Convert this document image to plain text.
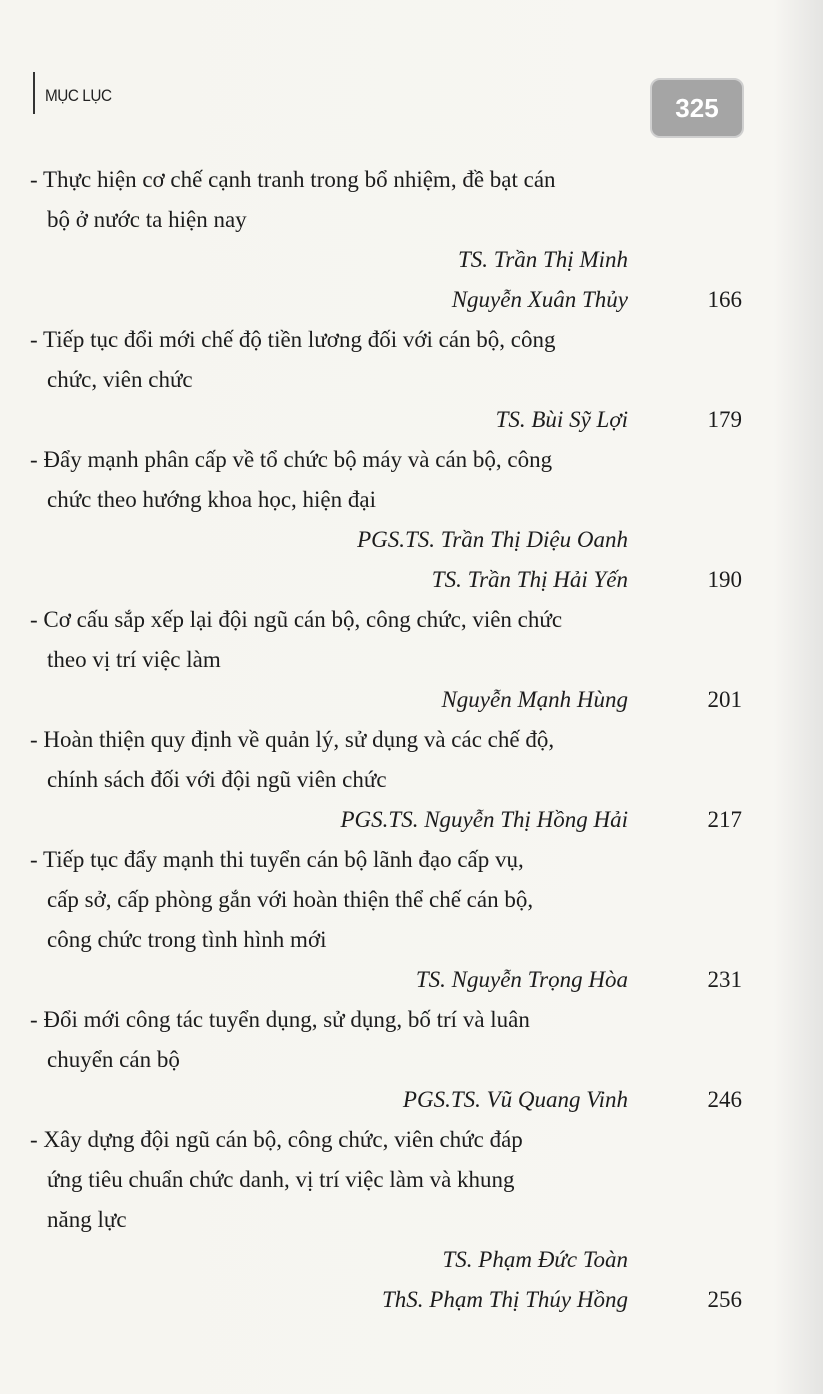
MỤC LỤC	325
- Thực hiện cơ chế cạnh tranh trong bổ nhiệm, đề bạt cán
bộ ở nước ta hiện nay
TS. Trần Thị Minh
Nguyễn Xuân Thủy	166
- Tiếp tục đổi mới chế độ tiền lương đối với cán bộ, công
chức, viên chức
TS. Bùi Sỹ Lợi	179
- Đẩy mạnh phân cấp về tổ chức bộ máy và cán bộ, công
chức theo hướng khoa học, hiện đại
PGS.TS. Trần Thị Diệu Oanh
TS. Trần Thị Hải Yến	190
- Cơ cấu sắp xếp lại đội ngũ cán bộ, công chức, viên chức
theo vị trí việc làm
Nguyễn Mạnh Hùng	201
- Hoàn thiện quy định về quản lý, sử dụng và các chế độ,
chính sách đối với đội ngũ viên chức
PGS.TS. Nguyễn Thị Hồng Hải	217
- Tiếp tục đẩy mạnh thi tuyển cán bộ lãnh đạo cấp vụ,
cấp sở, cấp phòng gắn với hoàn thiện thể chế cán bộ,
công chức trong tình hình mới
TS. Nguyễn Trọng Hòa	231
- Đổi mới công tác tuyển dụng, sử dụng, bố trí và luân
chuyển cán bộ
PGS.TS. Vũ Quang Vinh	246
- Xây dựng đội ngũ cán bộ, công chức, viên chức đáp
ứng tiêu chuẩn chức danh, vị trí việc làm và khung
năng lực
TS. Phạm Đức Toàn
ThS. Phạm Thị Thúy Hồng	256
